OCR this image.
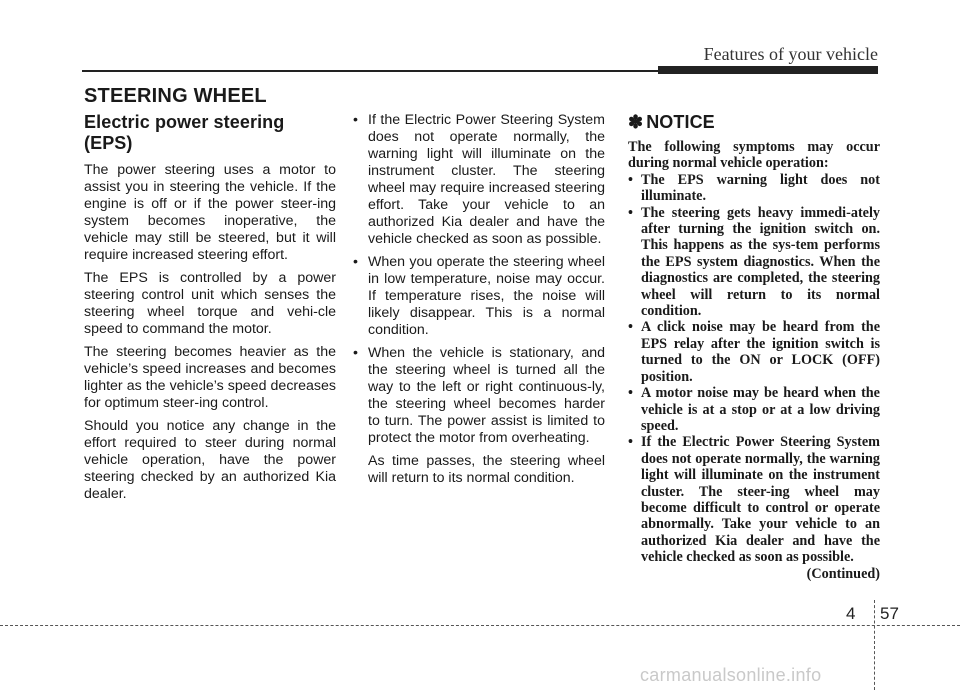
Features of your vehicle
STEERING WHEEL

Electric power steering (EPS)

The power steering uses a motor to assist you in steering the vehicle. If the engine is off or if the power steer-ing system becomes inoperative, the vehicle may still be steered, but it will require increased steering effort.

The EPS is controlled by a power steering control unit which senses the steering wheel torque and vehi-cle speed to command the motor.

The steering becomes heavier as the vehicle’s speed increases and becomes lighter as the vehicle’s speed decreases for optimum steer-ing control.

Should you notice any change in the effort required to steer during normal vehicle operation, have the power steering checked by an authorized Kia dealer.

• If the Electric Power Steering System does not operate normally, the warning light will illuminate on the instrument cluster. The steering wheel may require increased steering effort. Take your vehicle to an authorized Kia dealer and have the vehicle checked as soon as possible.
• When you operate the steering wheel in low temperature, noise may occur. If temperature rises, the noise will likely disappear. This is a normal condition.
• When the vehicle is stationary, and the steering wheel is turned all the way to the left or right continuous-ly, the steering wheel becomes harder to turn. The power assist is limited to protect the motor from overheating.

As time passes, the steering wheel will return to its normal condition.

✽ NOTICE

The following symptoms may occur during normal vehicle operation:

• The EPS warning light does not illuminate.
• The steering gets heavy immedi-ately after turning the ignition switch on. This happens as the sys-tem performs the EPS system diagnostics. When the diagnostics are completed, the steering wheel will return to its normal condition.
• A click noise may be heard from the EPS relay after the ignition switch is turned to the ON or LOCK (OFF) position.
• A motor noise may be heard when the vehicle is at a stop or at a low driving speed.
• If the Electric Power Steering System does not operate normally, the warning light will illuminate on the instrument cluster. The steer-ing wheel may become difficult to control or operate abnormally. Take your vehicle to an authorized Kia dealer and have the vehicle checked as soon as possible.

(Continued)

4 57
carmanualsonline.info
